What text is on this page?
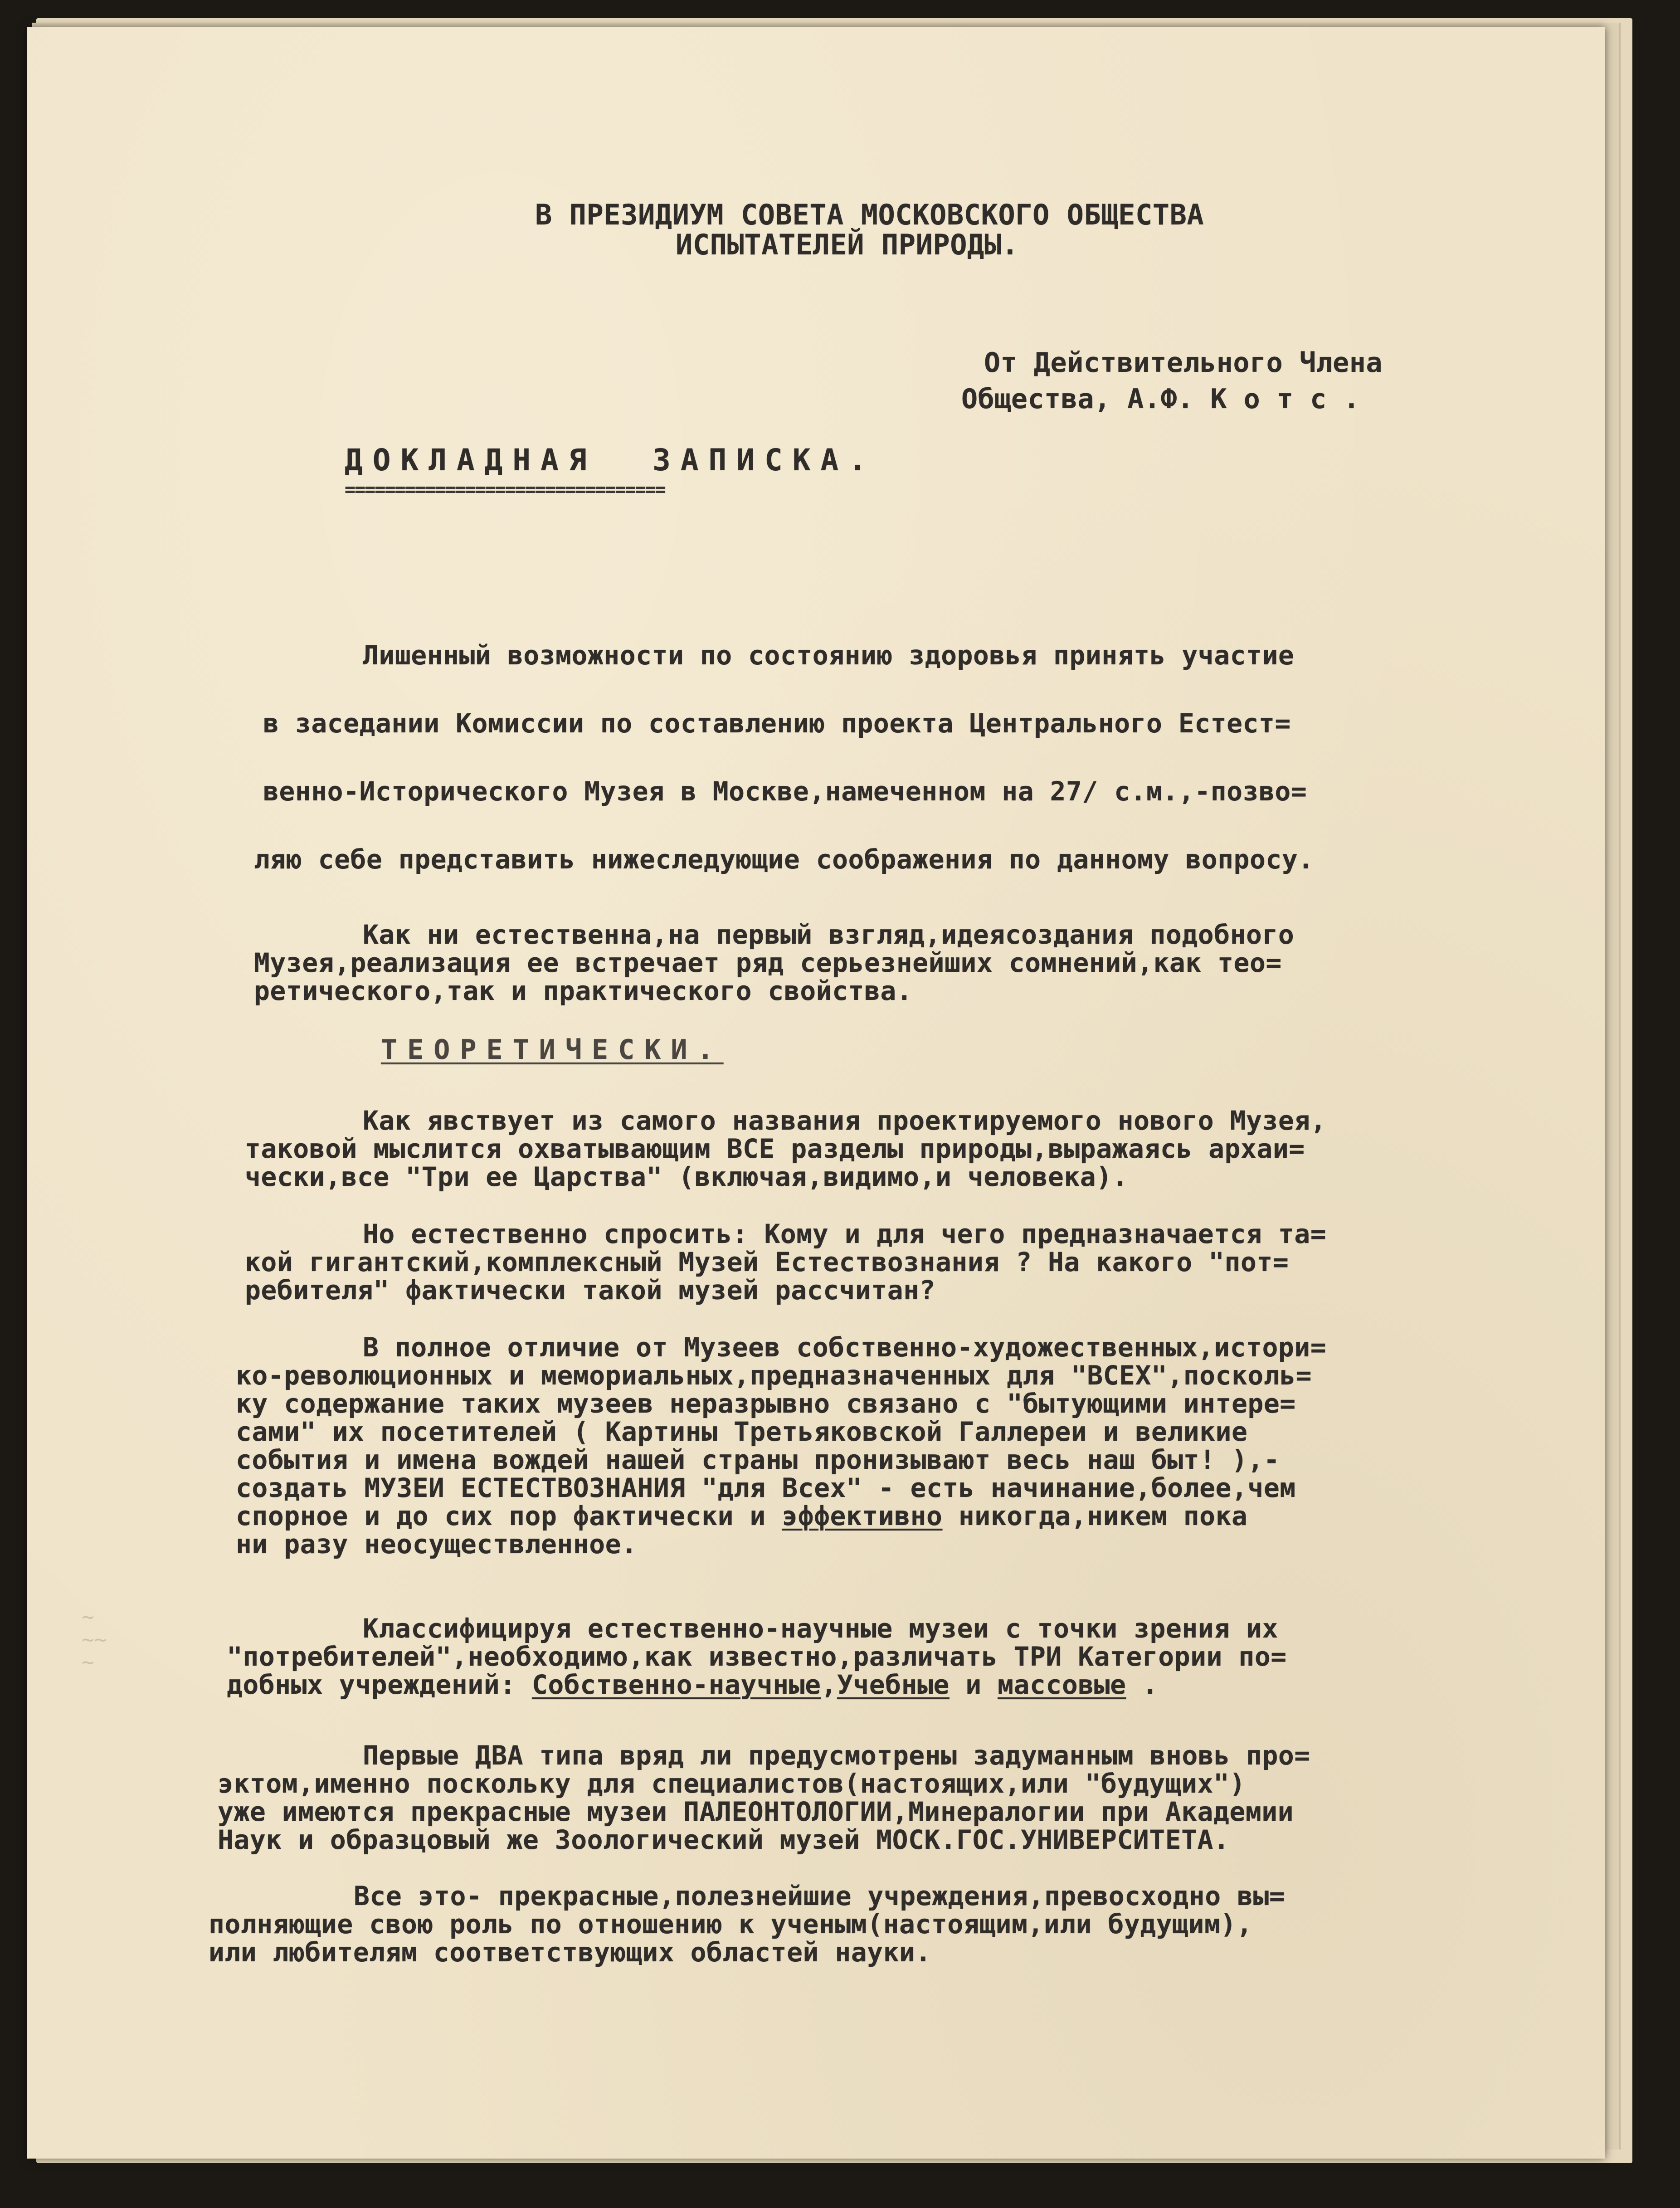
В ПРЕЗИДИУМ СОВЕТА МОСКОВСКОГО ОБЩЕСТВА
ИСПЫТАТЕЛЕЙ ПРИРОДЫ.
От Действительного Члена
Общества, А.Ф. К о т с .
ДОКЛАДНАЯ  ЗАПИСКА.
================================
Лишенный возможности по состоянию здоровья принять участие
в заседании Комиссии по составлению проекта Центрального Естест=
венно-Исторического Музея в Москве,намеченном на 27/ с.м.,-позво=
ляю себе представить нижеследующие соображения по данному вопросу.
Как ни естественна,на первый взгляд,идеясоздания подобного
Музея,реализация ее встречает ряд серьезнейших сомнений,как тео=
ретического,так и практического свойства.
ТЕОРЕТИЧЕСКИ.
Как явствует из самого названия проектируемого нового Музея,
таковой мыслится охватывающим ВСЕ разделы природы,выражаясь архаи=
чески,все "Три ее Царства" (включая,видимо,и человека).
Но естественно спросить: Кому и для чего предназначается та=
кой гигантский,комплексный Музей Естествознания ? На какого "пот=
ребителя" фактически такой музей рассчитан?
В полное отличие от Музеев собственно-художественных,истори=
ко-революционных и мемориальных,предназначенных для "ВСЕХ",посколь=
ку содержание таких музеев неразрывно связано с "бытующими интере=
сами" их посетителей ( Картины Третьяковской Галлереи и великие
события и имена вождей нашей страны пронизывают весь наш быт! ),-
создать МУЗЕИ ЕСТЕСТВОЗНАНИЯ "для Всех" - есть начинание,более,чем
спорное и до сих пор фактически и эффективно никогда,никем пока
ни разу неосуществленное.
Классифицируя естественно-научные музеи с точки зрения их
"потребителей",необходимо,как известно,различать ТРИ Категории по=
добных учреждений: Собственно-научные,Учебные и массовые .
Первые ДВА типа вряд ли предусмотрены задуманным вновь про=
эктом,именно поскольку для специалистов(настоящих,или "будущих")
уже имеются прекрасные музеи ПАЛЕОНТОЛОГИИ,Минералогии при Академии
Наук и образцовый же Зоологический музей МОСК.ГОС.УНИВЕРСИТЕТА.
Все это- прекрасные,полезнейшие учреждения,превосходно вы=
полняющие свою роль по отношению к ученым(настоящим,или будущим),
или любителям соответствующих областей науки.
~
~~
~
